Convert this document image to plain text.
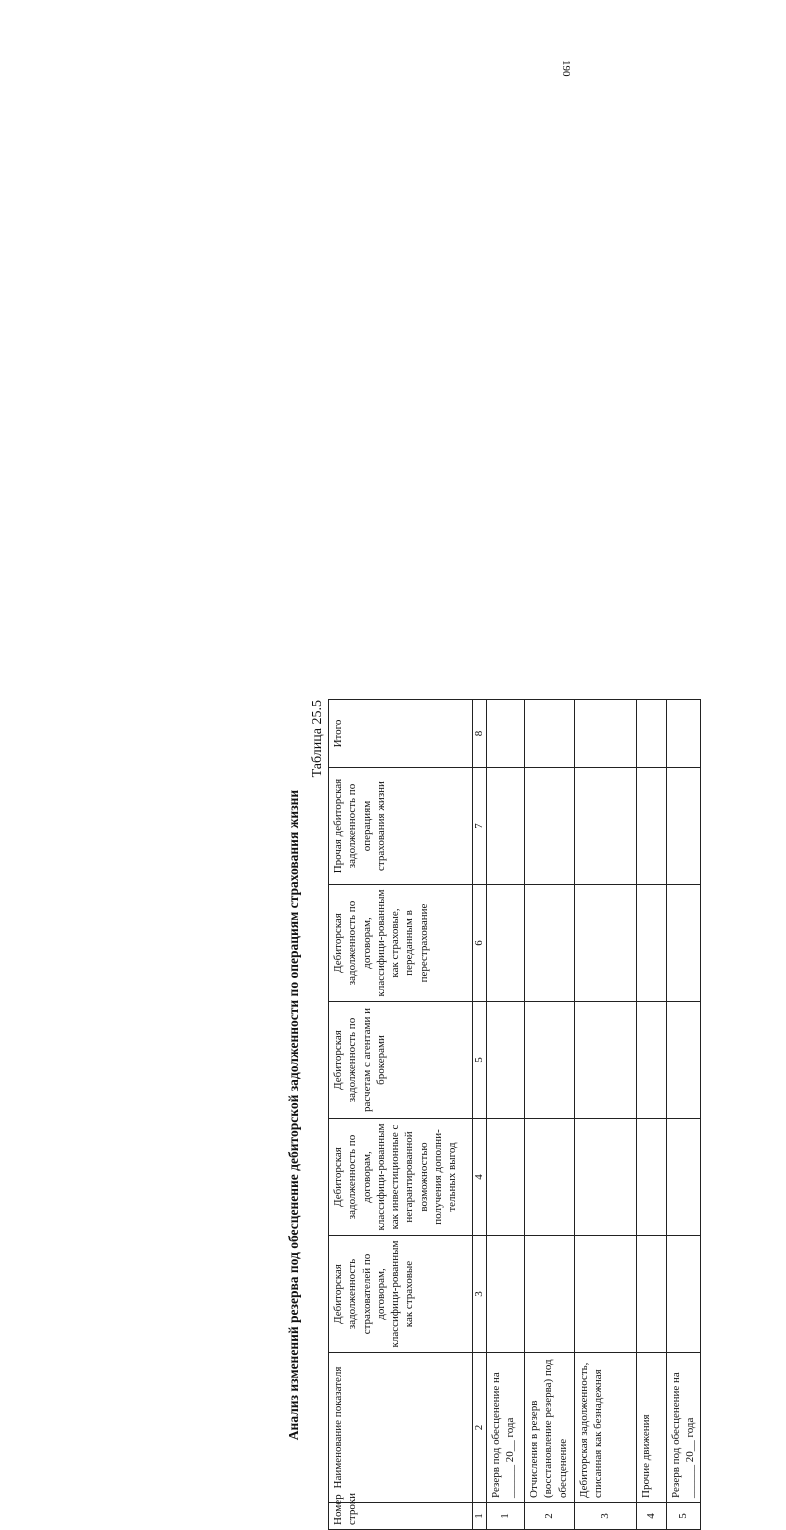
190
Анализ изменений резерва под обесценение дебиторской задолженности по операциям страхования жизни
Таблица 25.5
Номер строки	Наименование показателя	Дебиторская задолженность страхователей по договорам, классифици-рованным как страховые	Дебиторская задолженность по договорам, классифици-рованным как инвестиционные с негарантированной возможностью получения дополни-тельных выгод	Дебиторская задолженность по расчетам с агентами и брокерами	Дебиторская задолженность по договорам, классифици-рованным как страховые, переданным в перестрахование	Прочая дебиторская задолженность по операциям страхования жизни	Итого
1	2	3	4	5	6	7	8
1	Резерв под обесценение на ______ 20__ года						
2	Отчисления в резерв (восстановление резерва) под обесценение						
3	Дебиторская задолженность, списанная как безнадежная						
4	Прочие движения						
5	Резерв под обесценение на ______ 20__ года						
